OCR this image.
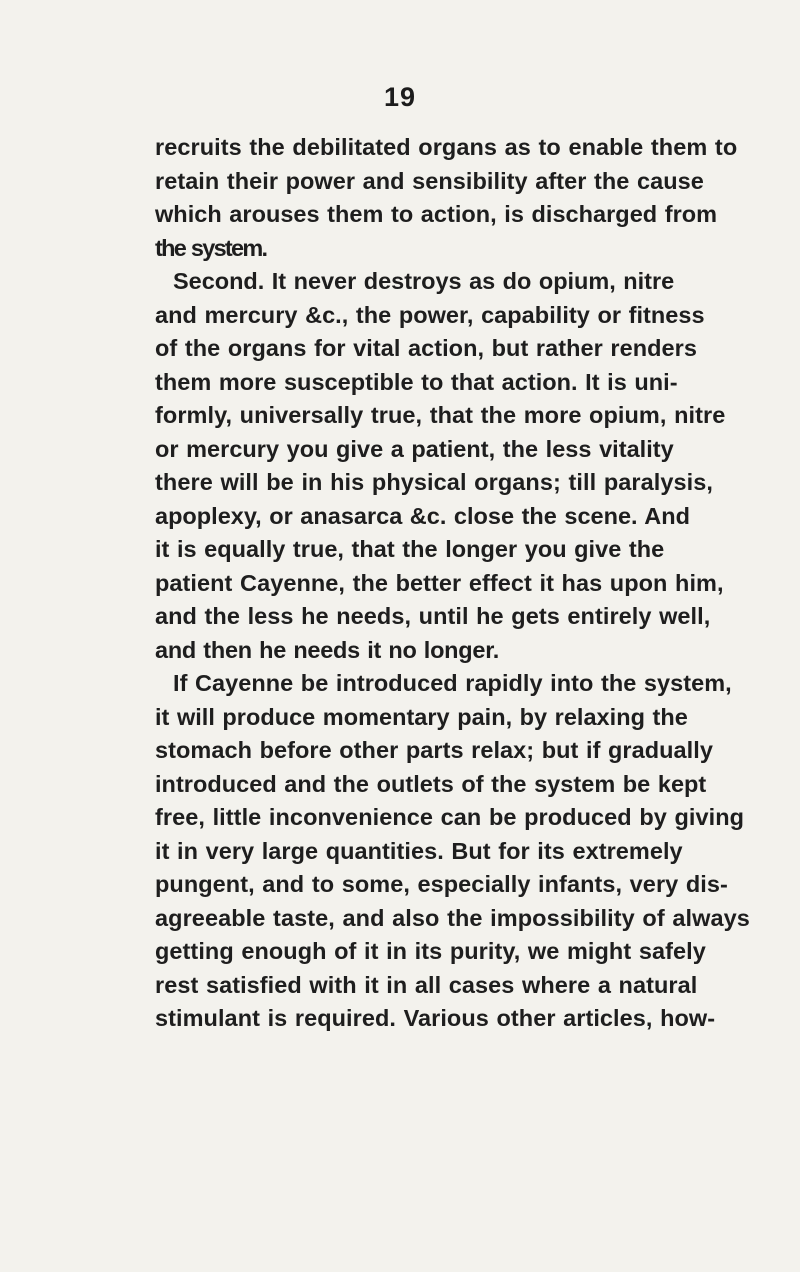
19
recruits the debilitated organs as to enable them to
retain their power and sensibility after the cause
which arouses them to action, is discharged from
the system.
Second. It never destroys as do opium, nitre
and mercury &c., the power, capability or fitness
of the organs for vital action, but rather renders
them more susceptible to that action. It is uni-
formly, universally true, that the more opium, nitre
or mercury you give a patient, the less vitality
there will be in his physical organs; till paralysis,
apoplexy, or anasarca &c. close the scene. And
it is equally true, that the longer you give the
patient Cayenne, the better effect it has upon him,
and the less he needs, until he gets entirely well,
and then he needs it no longer.
If Cayenne be introduced rapidly into the system,
it will produce momentary pain, by relaxing the
stomach before other parts relax; but if gradually
introduced and the outlets of the system be kept
free, little inconvenience can be produced by giving
it in very large quantities. But for its extremely
pungent, and to some, especially infants, very dis-
agreeable taste, and also the impossibility of always
getting enough of it in its purity, we might safely
rest satisfied with it in all cases where a natural
stimulant is required. Various other articles, how-
